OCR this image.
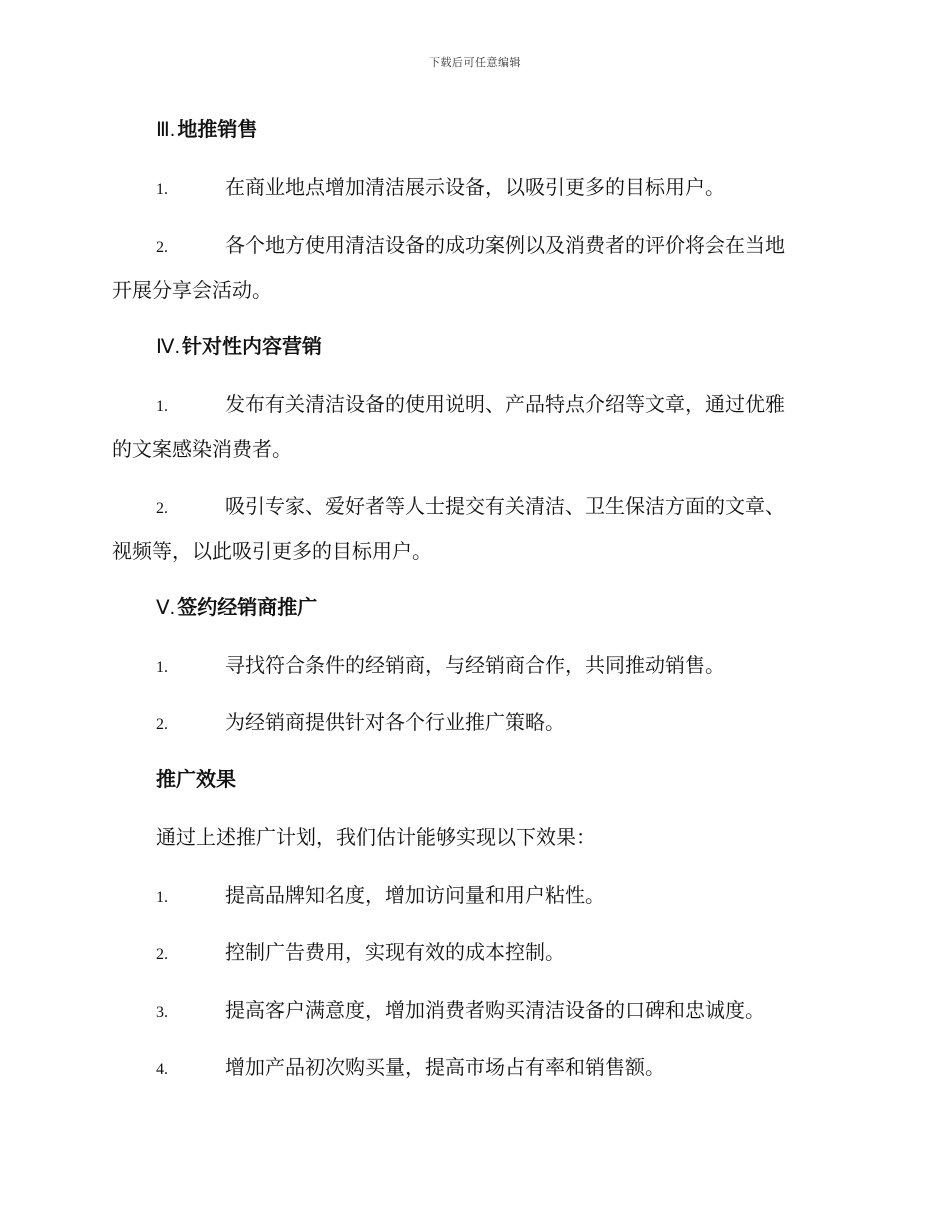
下载后可任意编辑
Ⅲ. 地推销售
1.	在商业地点增加清洁展示设备，以吸引更多的目标用户。
2.	各个地方使用清洁设备的成功案例以及消费者的评价将会在当地
开展分享会活动。
Ⅳ. 针对性内容营销
1.	发布有关清洁设备的使用说明、产品特点介绍等文章，通过优雅
的文案感染消费者。
2.	吸引专家、爱好者等人士提交有关清洁、卫生保洁方面的文章、
视频等，以此吸引更多的目标用户。
Ⅴ. 签约经销商推广
1.	寻找符合条件的经销商，与经销商合作，共同推动销售。
2.	为经销商提供针对各个行业推广策略。
推广效果
通过上述推广计划，我们估计能够实现以下效果：
1.	提高品牌知名度，增加访问量和用户粘性。
2.	控制广告费用，实现有效的成本控制。
3.	提高客户满意度，增加消费者购买清洁设备的口碑和忠诚度。
4.	增加产品初次购买量，提高市场占有率和销售额。
